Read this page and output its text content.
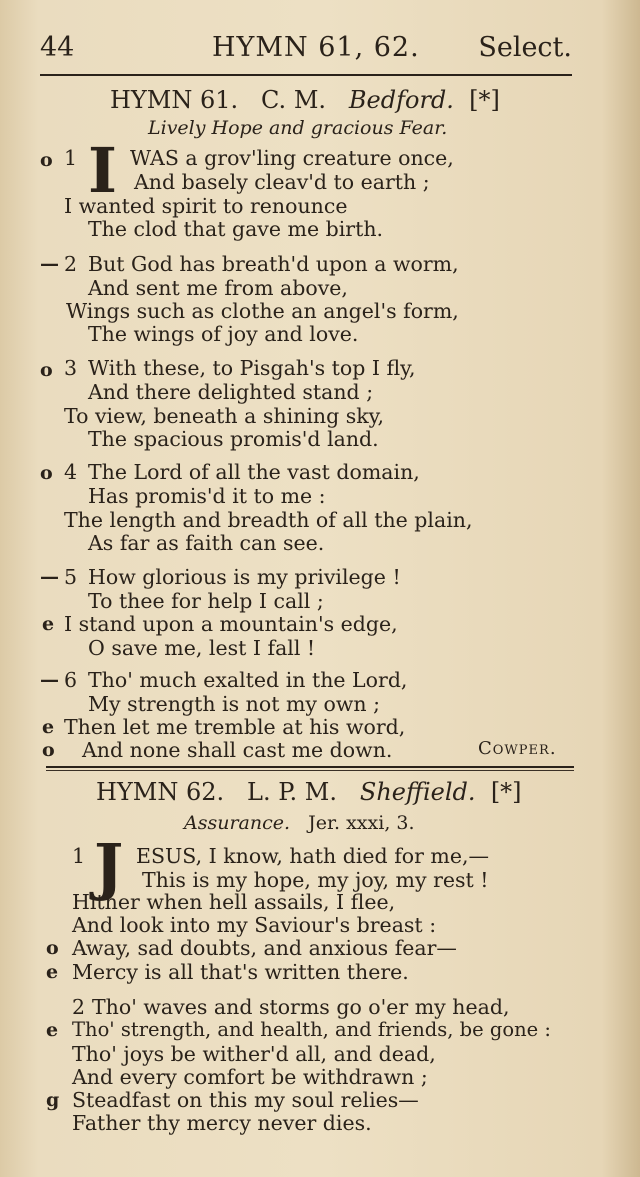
44	HYMN 61, 62. Select.
HYMN 61. C. M. Bedford. [*]
Lively Hope and gracious Fear.
o 1 I WAS a grov'ling creature once,
And basely cleav'd to earth ;
I wanted spirit to renounce
The clod that gave me birth.
— 2 But God has breath'd upon a worm,
And sent me from above,
Wings such as clothe an angel's form,
The wings of joy and love.
o 3 With these, to Pisgah's top I fly,
And there delighted stand ;
To view, beneath a shining sky,
The spacious promis'd land.
o 4 The Lord of all the vast domain,
Has promis'd it to me :
The length and breadth of all the plain,
As far as faith can see.
— 5 How glorious is my privilege !
To thee for help I call ;
e I stand upon a mountain's edge,
O save me, lest I fall !
— 6 Tho' much exalted in the Lord,
My strength is not my own ;
e Then let me tremble at his word,
o And none shall cast me down.	Cowper.
HYMN 62. L. P. M. Sheffield. [*]
Assurance. Jer. xxxi, 3.
1 J ESUS, I know, hath died for me,—
This is my hope, my joy, my rest !
Hither when hell assails, I flee,
And look into my Saviour's breast :
o Away, sad doubts, and anxious fear—
e Mercy is all that's written there.
2 Tho' waves and storms go o'er my head,
e Tho' strength, and health, and friends, be gone :
Tho' joys be wither'd all, and dead,
And every comfort be withdrawn ;
g Steadfast on this my soul relies—
Father thy mercy never dies.
